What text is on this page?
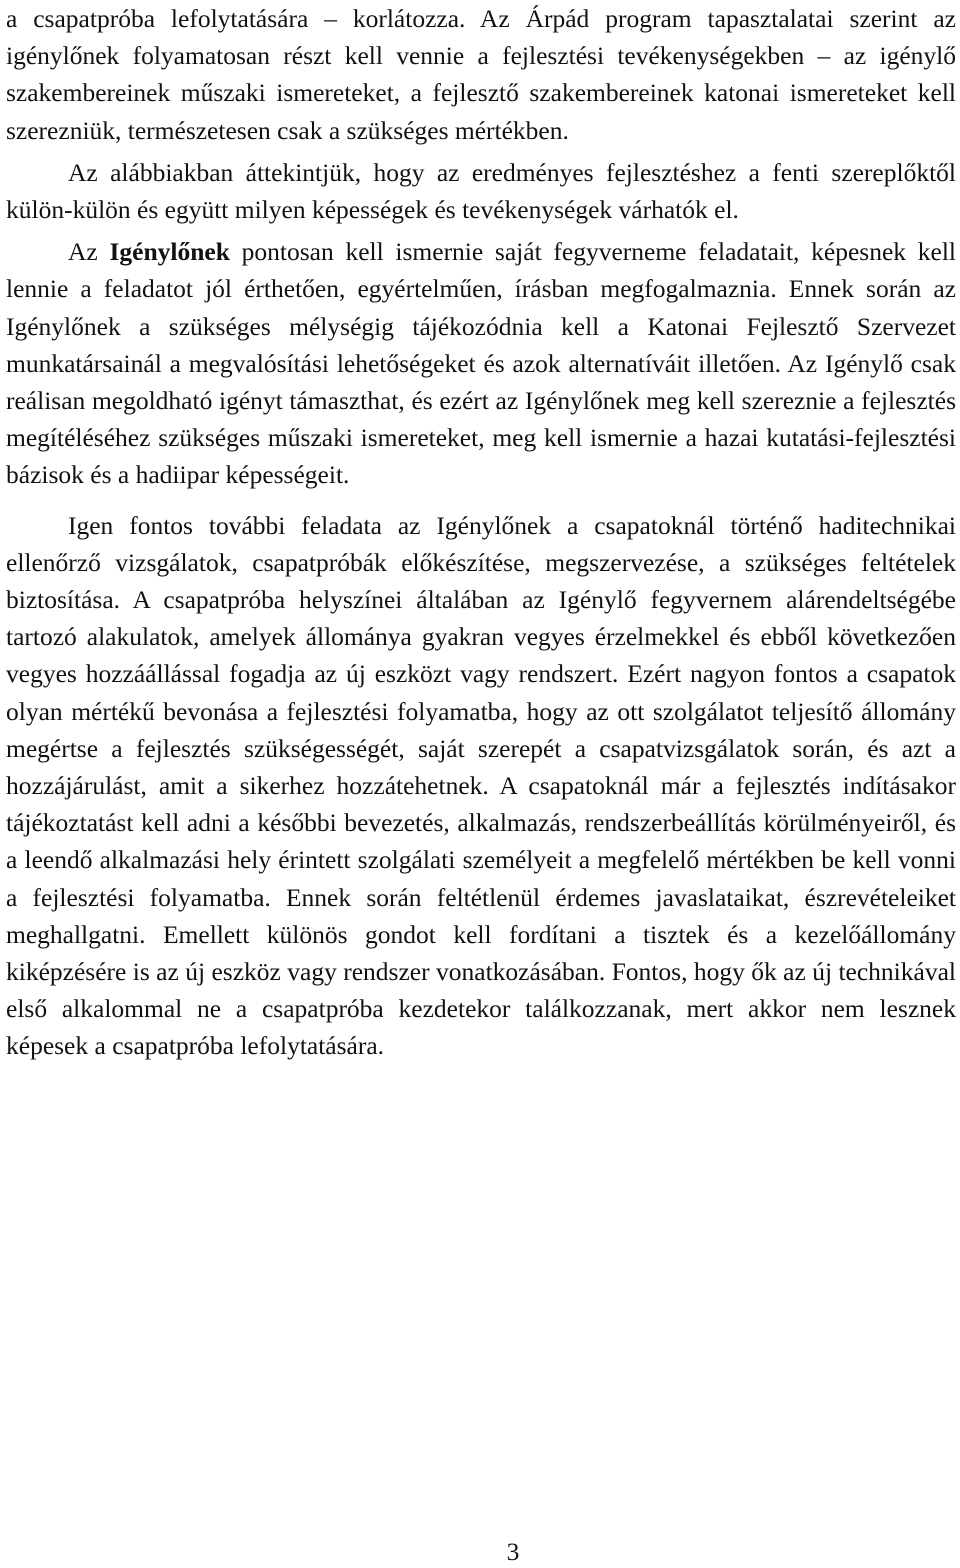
a csapatpróba lefolytatására – korlátozza. Az Árpád program tapasztalatai szerint az igénylőnek folyamatosan részt kell vennie a fejlesztési tevékenységekben – az igénylő szakembereinek műszaki ismereteket, a fejlesztő szakembereinek katonai ismereteket kell szerezniük, természetesen csak a szükséges mértékben.

Az alábbiakban áttekintjük, hogy az eredményes fejlesztéshez a fenti szereplőktől külön-külön és együtt milyen képességek és tevékenységek várhatók el.

Az Igénylőnek pontosan kell ismernie saját fegyverneme feladatait, képesnek kell lennie a feladatot jól érthetően, egyértelműen, írásban megfogalmaznia. Ennek során az Igénylőnek a szükséges mélységig tájékozódnia kell a Katonai Fejlesztő Szervezet munkatársainál a megvalósítási lehetőségeket és azok alternatíváit illetően. Az Igénylő csak reálisan megoldható igényt támaszthat, és ezért az Igénylőnek meg kell szereznie a fejlesztés megítéléséhez szükséges műszaki ismereteket, meg kell ismernie a hazai kutatási-fejlesztési bázisok és a hadiipar képességeit.

Igen fontos további feladata az Igénylőnek a csapatoknál történő haditechnikai ellenőrző vizsgálatok, csapatpróbák előkészítése, megszervezése, a szükséges feltételek biztosítása. A csapatpróba helyszínei általában az Igénylő fegyvernem alárendeltségébe tartozó alakulatok, amelyek állománya gyakran vegyes érzelmekkel és ebből következően vegyes hozzáállással fogadja az új eszközt vagy rendszert. Ezért nagyon fontos a csapatok olyan mértékű bevonása a fejlesztési folyamatba, hogy az ott szolgálatot teljesítő állomány megértse a fejlesztés szükségességét, saját szerepét a csapatvizsgálatok során, és azt a hozzájárulást, amit a sikerhez hozzátehetnek. A csapatoknál már a fejlesztés indításakor tájékoztatást kell adni a későbbi bevezetés, alkalmazás, rendszerbeállítás körülményeiről, és a leendő alkalmazási hely érintett szolgálati személyeit a megfelelő mértékben be kell vonni a fejlesztési folyamatba. Ennek során feltétlenül érdemes javaslataikat, észrevételeiket meghallgatni. Emellett különös gondot kell fordítani a tisztek és a kezelőállomány kiképzésére is az új eszköz vagy rendszer vonatkozásában. Fontos, hogy ők az új technikával első alkalommal ne a csapatpróba kezdetekor találkozzanak, mert akkor nem lesznek képesek a csapatpróba lefolytatására.

3
